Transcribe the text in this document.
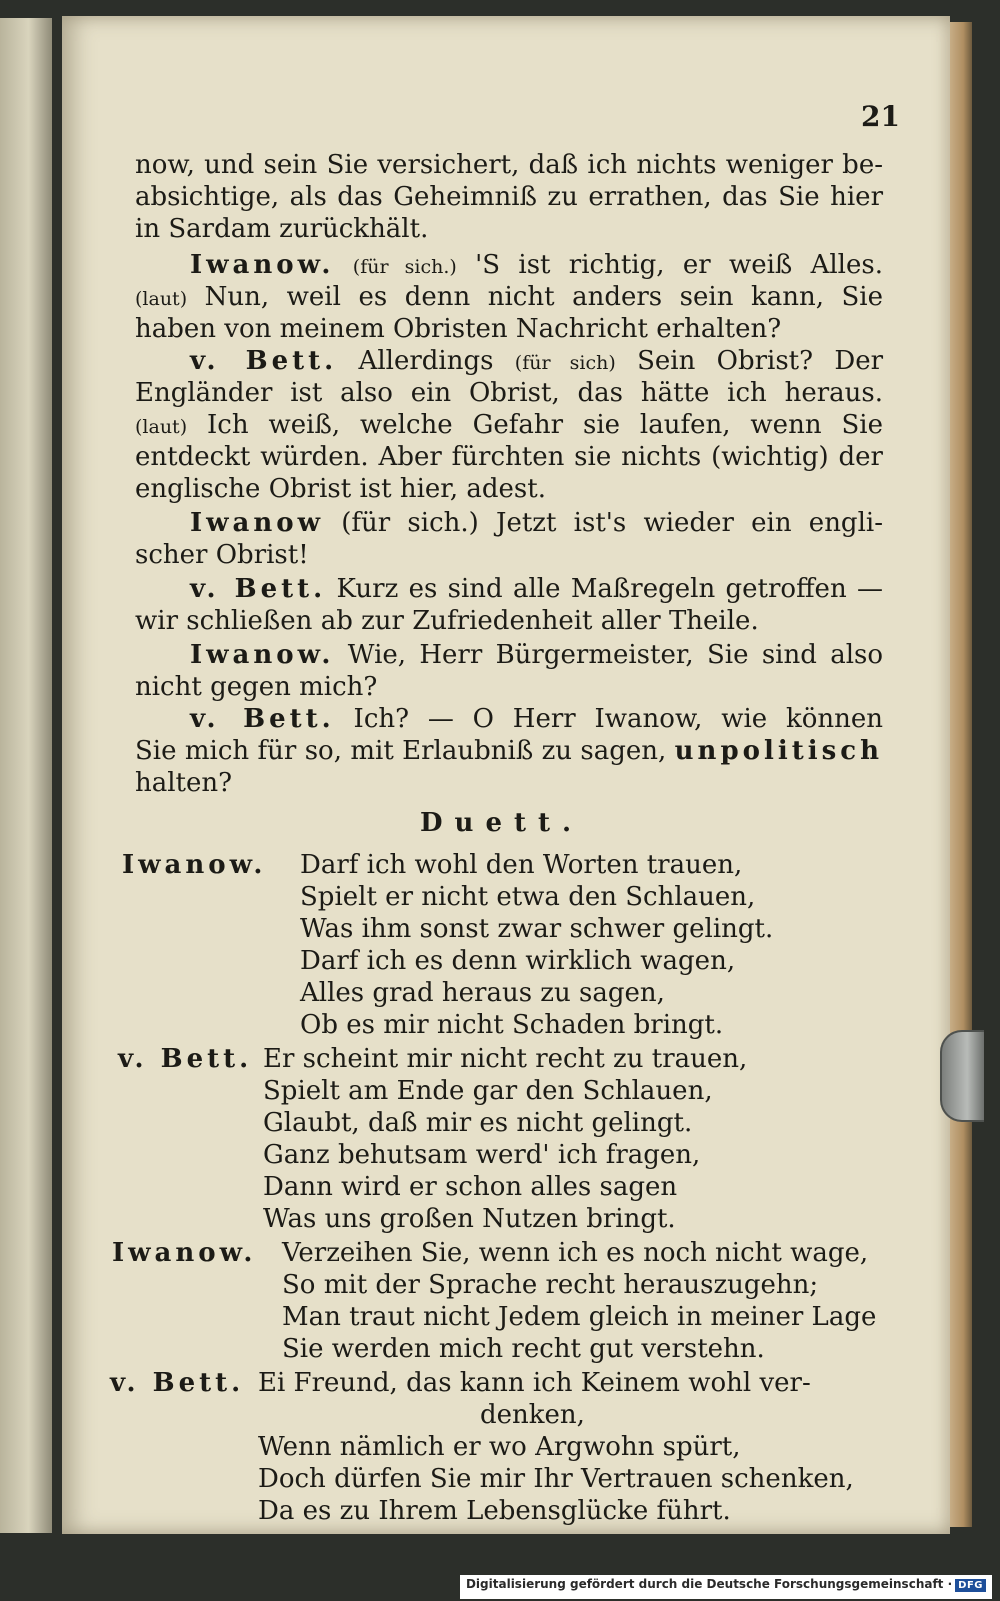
21

now, und sein Sie versichert, daß ich nichts weniger be-

absichtige, als das Geheimniß zu errathen, das Sie hier

in Sardam zurückhält.

Iwanow. (für sich.) 'S ist richtig, er weiß Alles.

(laut) Nun, weil es denn nicht anders sein kann, Sie

haben von meinem Obristen Nachricht erhalten?

v. Bett. Allerdings (für sich) Sein Obrist? Der

Engländer ist also ein Obrist, das hätte ich heraus.

(laut) Ich weiß, welche Gefahr sie laufen, wenn Sie

entdeckt würden. Aber fürchten sie nichts (wichtig) der

englische Obrist ist hier, adest.

Iwanow (für sich.) Jetzt ist's wieder ein engli-

scher Obrist!

v. Bett. Kurz es sind alle Maßregeln getroffen —

wir schließen ab zur Zufriedenheit aller Theile.

Iwanow. Wie, Herr Bürgermeister, Sie sind also

nicht gegen mich?

v. Bett. Ich? — O Herr Iwanow, wie können

Sie mich für so, mit Erlaubniß zu sagen, unpolitisch

halten?

Duett.

Iwanow. Darf ich wohl den Worten trauen,

Spielt er nicht etwa den Schlauen,

Was ihm sonst zwar schwer gelingt.

Darf ich es denn wirklich wagen,

Alles grad heraus zu sagen,

Ob es mir nicht Schaden bringt.

v. Bett. Er scheint mir nicht recht zu trauen,

Spielt am Ende gar den Schlauen,

Glaubt, daß mir es nicht gelingt.

Ganz behutsam werd' ich fragen,

Dann wird er schon alles sagen

Was uns großen Nutzen bringt.

Iwanow. Verzeihen Sie, wenn ich es noch nicht wage,

So mit der Sprache recht herauszugehn;

Man traut nicht Jedem gleich in meiner Lage

Sie werden mich recht gut verstehn.

v. Bett. Ei Freund, das kann ich Keinem wohl ver-

denken,

Wenn nämlich er wo Argwohn spürt,

Doch dürfen Sie mir Ihr Vertrauen schenken,

Da es zu Ihrem Lebensglücke führt.

Digitalisierung gefördert durch die Deutsche Forschungsgemeinschaft · DFG
